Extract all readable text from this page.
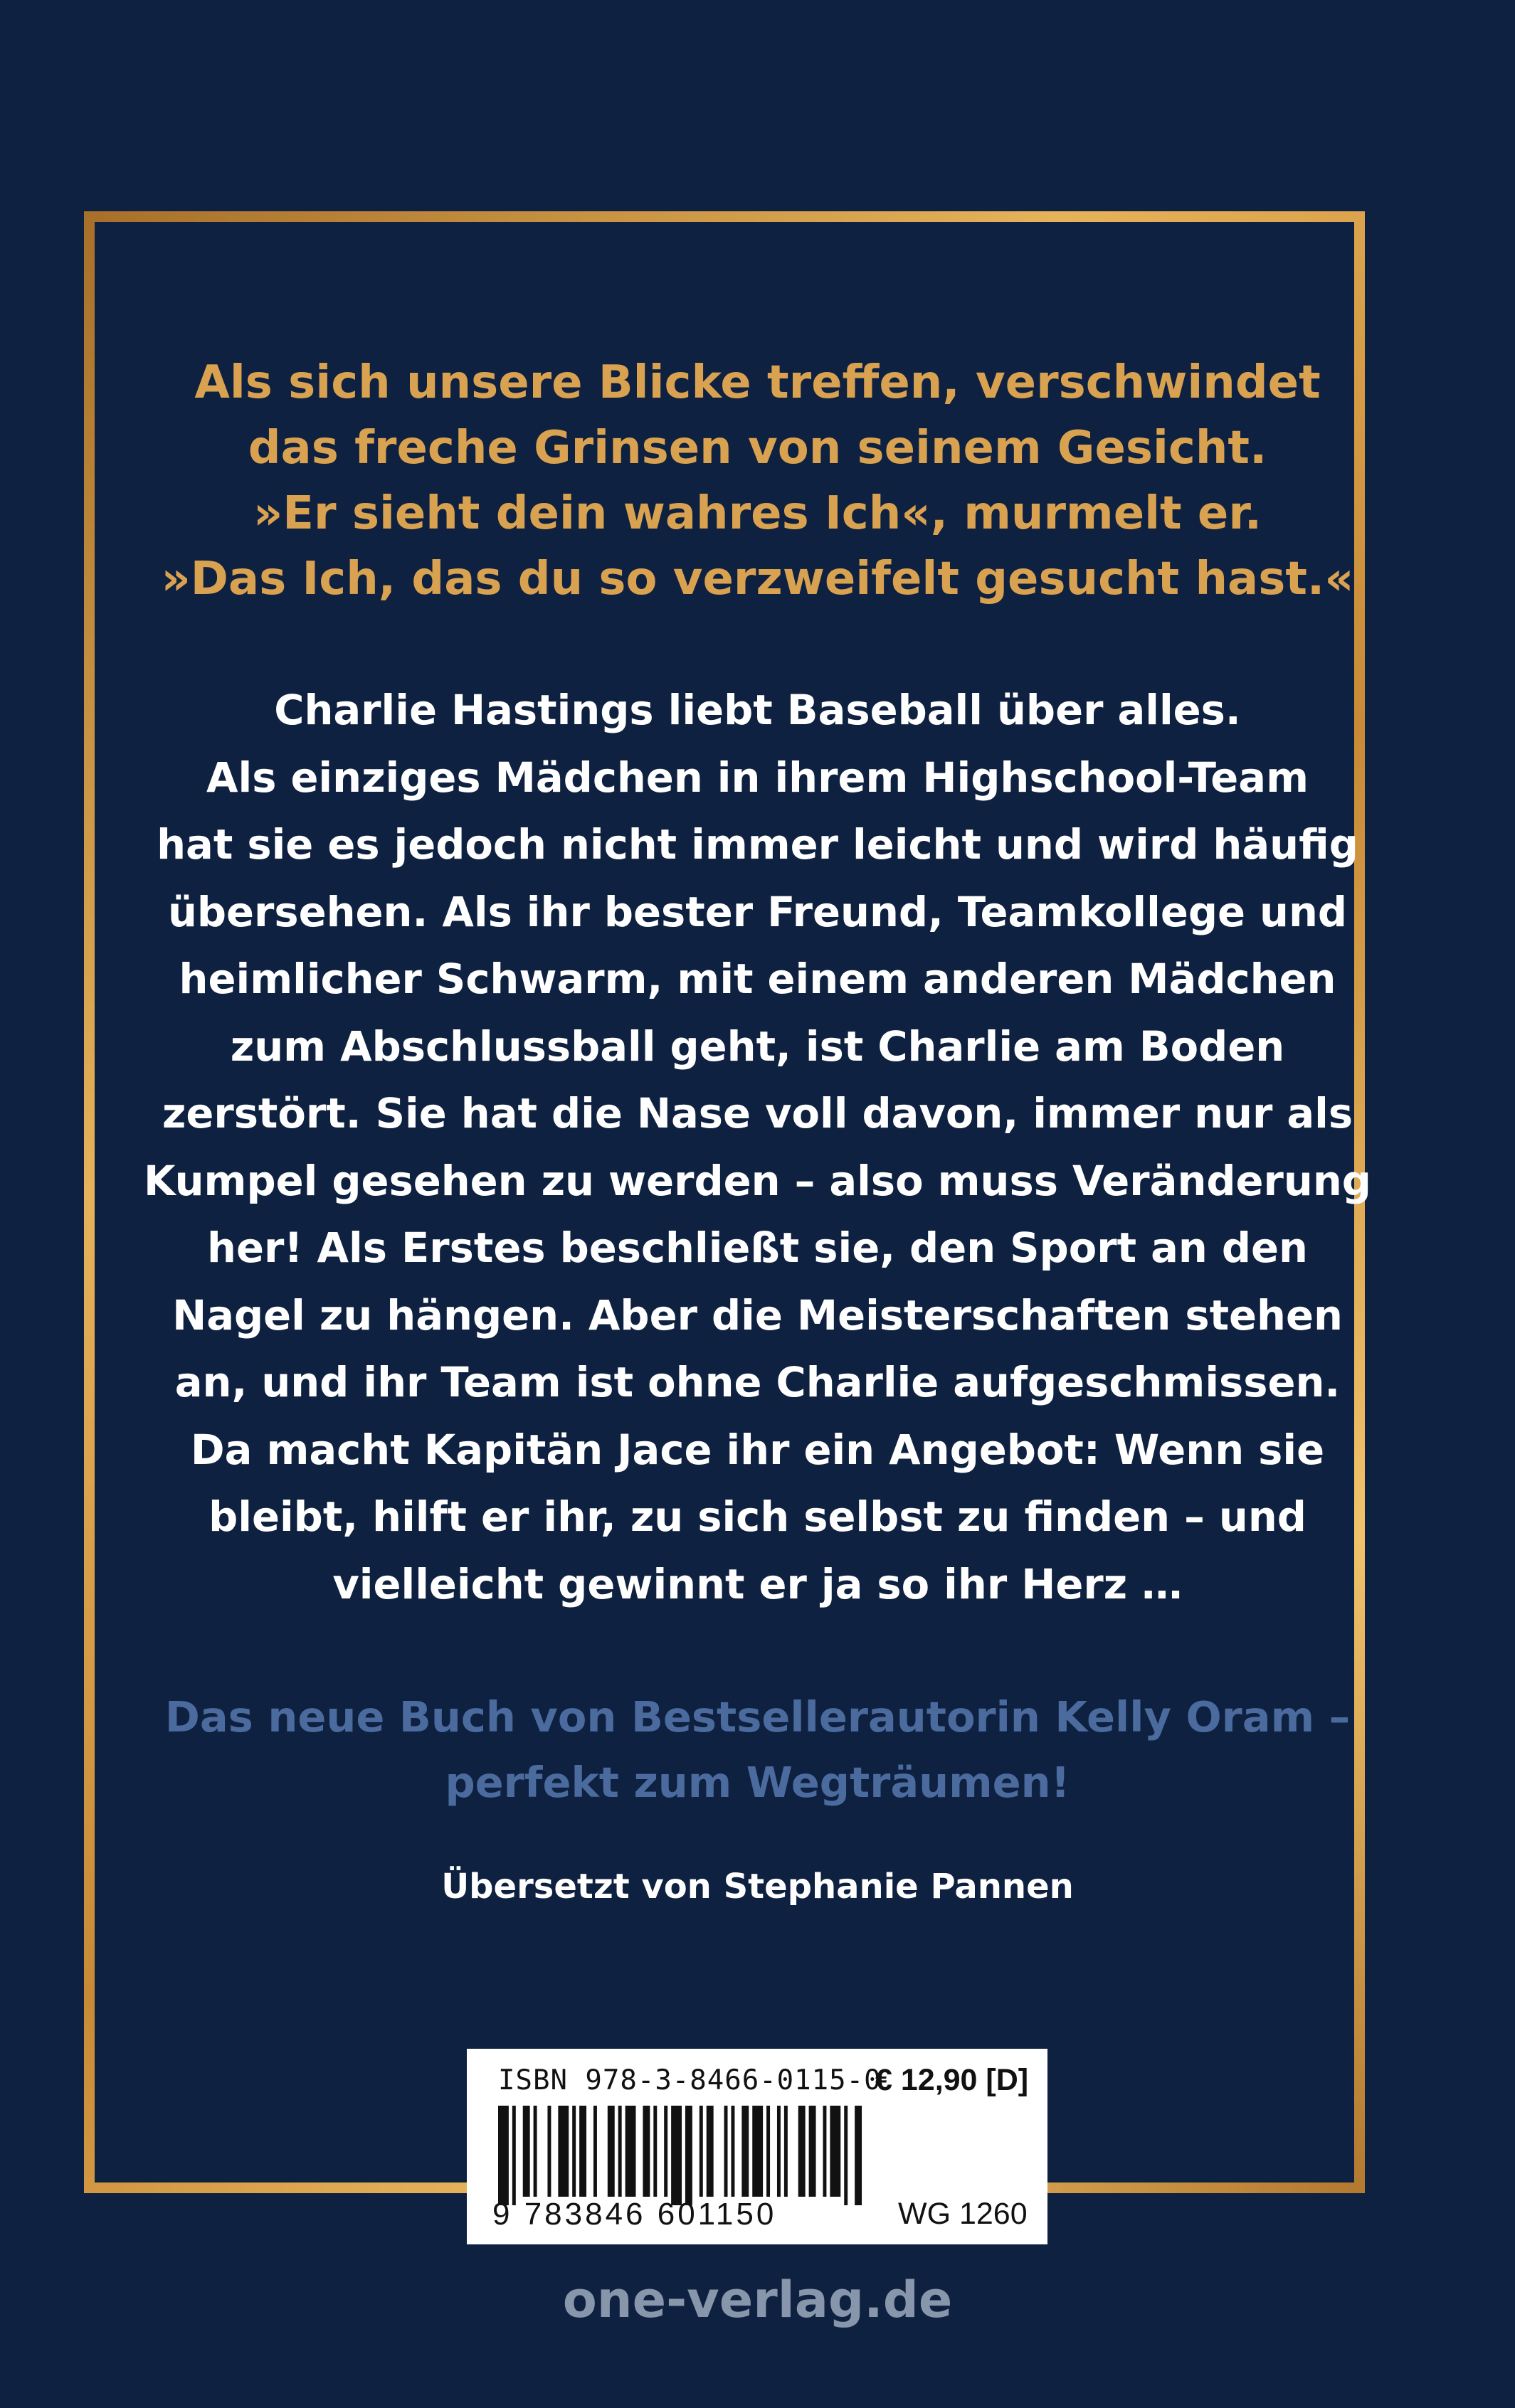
Als sich unsere Blicke treffen, verschwindet
das freche Grinsen von seinem Gesicht.
»Er sieht dein wahres Ich«, murmelt er.
»Das Ich, das du so verzweifelt gesucht hast.«
Charlie Hastings liebt Baseball über alles.
Als einziges Mädchen in ihrem Highschool-Team
hat sie es jedoch nicht immer leicht und wird häufig
übersehen. Als ihr bester Freund, Teamkollege und
heimlicher Schwarm, mit einem anderen Mädchen
zum Abschlussball geht, ist Charlie am Boden
zerstört. Sie hat die Nase voll davon, immer nur als
Kumpel gesehen zu werden – also muss Veränderung
her! Als Erstes beschließt sie, den Sport an den
Nagel zu hängen. Aber die Meisterschaften stehen
an, und ihr Team ist ohne Charlie aufgeschmissen.
Da macht Kapitän Jace ihr ein Angebot: Wenn sie
bleibt, hilft er ihr, zu sich selbst zu finden – und
vielleicht gewinnt er ja so ihr Herz …
Das neue Buch von Bestsellerautorin Kelly Oram –
perfekt zum Wegträumen!
Übersetzt von Stephanie Pannen
ISBN 978-3-8466-0115-0
€ 12,90 [D]
9 783846 601150	WG 1260
one-verlag.de
